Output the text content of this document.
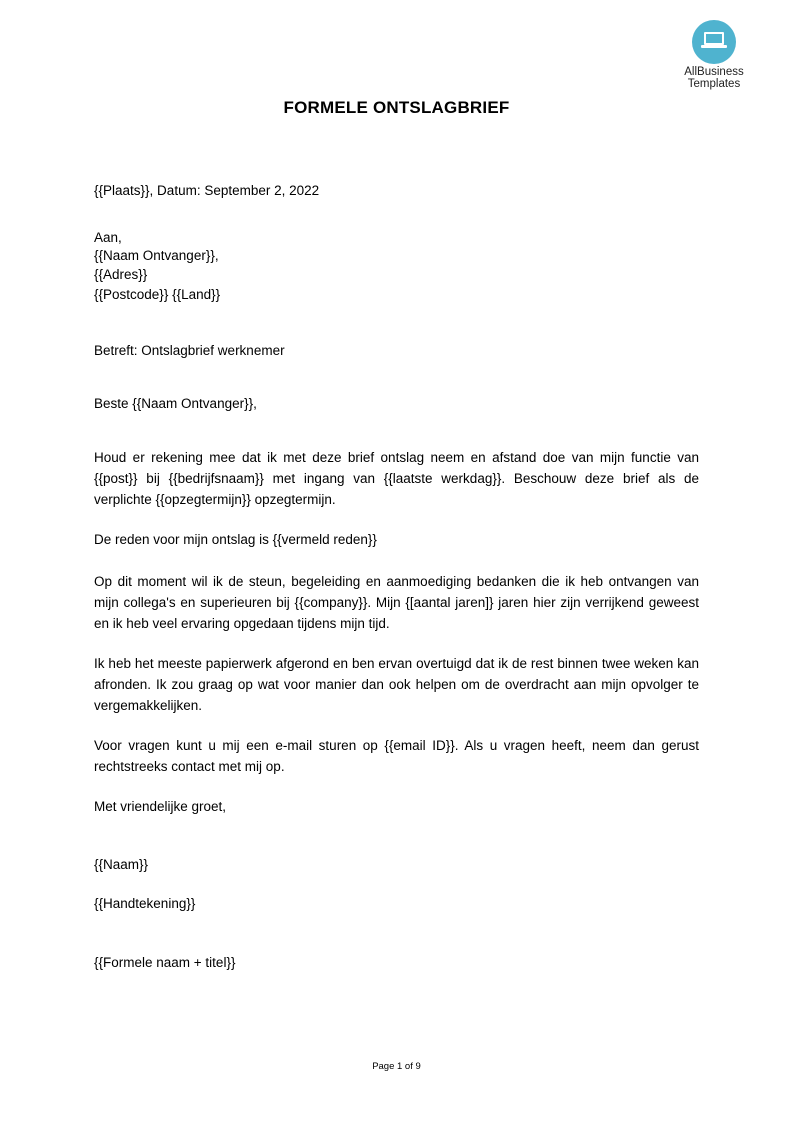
AllBusiness
Templates
FORMELE ONTSLAGBRIEF

{{Plaats}}, Datum: September 2, 2022

Aan,

{{Naam Ontvanger}},

{{Adres}}

{{Postcode}} {{Land}}

Betreft: Ontslagbrief werknemer

Beste {{Naam Ontvanger}},

Houd er rekening mee dat ik met deze brief ontslag neem en afstand doe van mijn functie van {{post}} bij {{bedrijfsnaam}} met ingang van {{laatste werkdag}}. Beschouw deze brief als de verplichte {{opzegtermijn}} opzegtermijn.

De reden voor mijn ontslag is {{vermeld reden}}

Op dit moment wil ik de steun, begeleiding en aanmoediging bedanken die ik heb ontvangen van mijn collega's en superieuren bij {{company}}. Mijn {[aantal jaren]} jaren hier zijn verrijkend geweest en ik heb veel ervaring opgedaan tijdens mijn tijd.

Ik heb het meeste papierwerk afgerond en ben ervan overtuigd dat ik de rest binnen twee weken kan afronden. Ik zou graag op wat voor manier dan ook helpen om de overdracht aan mijn opvolger te vergemakkelijken.

Voor vragen kunt u mij een e-mail sturen op {{email ID}}. Als u vragen heeft, neem dan gerust rechtstreeks contact met mij op.

Met vriendelijke groet,

{{Naam}}

{{Handtekening}}

{{Formele naam + titel}}

Page 1 of 9
